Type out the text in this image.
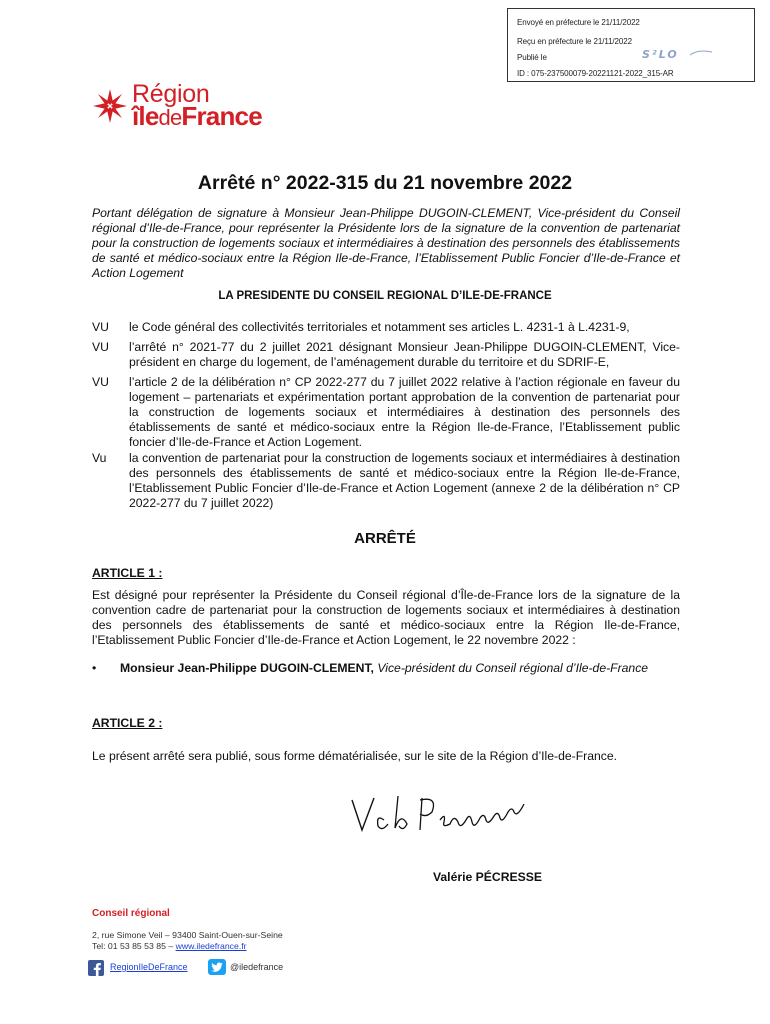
Envoyé en préfecture le 21/11/2022
Reçu en préfecture le 21/11/2022
Publié le	S²LO
ID : 075-237500079-20221121-2022_315-AR
Région
îledeFrance
Arrêté n° 2022-315 du 21 novembre 2022
Portant délégation de signature à Monsieur Jean-Philippe DUGOIN-CLEMENT, Vice-président du Conseil régional d’Ile-de-France, pour représenter la Présidente lors de la signature de la convention de partenariat pour la construction de logements sociaux et intermédiaires à destination des personnels des établissements de santé et médico-sociaux entre la Région Ile-de-France, l’Etablissement Public Foncier d’Ile-de-France et Action Logement
LA PRESIDENTE DU CONSEIL REGIONAL D’ILE-DE-FRANCE
VU le Code général des collectivités territoriales et notamment ses articles L. 4231-1 à L.4231-9,
VU l’arrêté n° 2021-77 du 2 juillet 2021 désignant Monsieur Jean-Philippe DUGOIN-CLEMENT, Vice-président en charge du logement, de l’aménagement durable du territoire et du SDRIF-E,
VU l’article 2 de la délibération n° CP 2022-277 du 7 juillet 2022 relative à l’action régionale en faveur du logement – partenariats et expérimentation portant approbation de la convention de partenariat pour la construction de logements sociaux et intermédiaires à destination des personnels des établissements de santé et médico-sociaux entre la Région Ile-de-France, l’Etablissement public foncier d’Ile-de-France et Action Logement.
Vu la convention de partenariat pour la construction de logements sociaux et intermédiaires à destination des personnels des établissements de santé et médico-sociaux entre la Région Ile-de-France, l’Etablissement Public Foncier d’Ile-de-France et Action Logement (annexe 2 de la délibération n° CP 2022-277 du 7 juillet 2022)
ARRÊTÉ
ARTICLE 1 :
Est désigné pour représenter la Présidente du Conseil régional d’Île-de-France lors de la signature de la convention cadre de partenariat pour la construction de logements sociaux et intermédiaires à destination des personnels des établissements de santé et médico-sociaux entre la Région Ile-de-France, l’Etablissement Public Foncier d’Ile-de-France et Action Logement, le 22 novembre 2022 :
• Monsieur Jean-Philippe DUGOIN-CLEMENT, Vice-président du Conseil régional d’Ile-de-France
ARTICLE 2 :
Le présent arrêté sera publié, sous forme dématérialisée, sur le site de la Région d’Ile-de-France.
Valérie PÉCRESSE
Conseil régional
2, rue Simone Veil – 93400 Saint-Ouen-sur-Seine
Tel: 01 53 85 53 85 – www.iledefrance.fr
RegionIleDeFrance	@iledefrance
